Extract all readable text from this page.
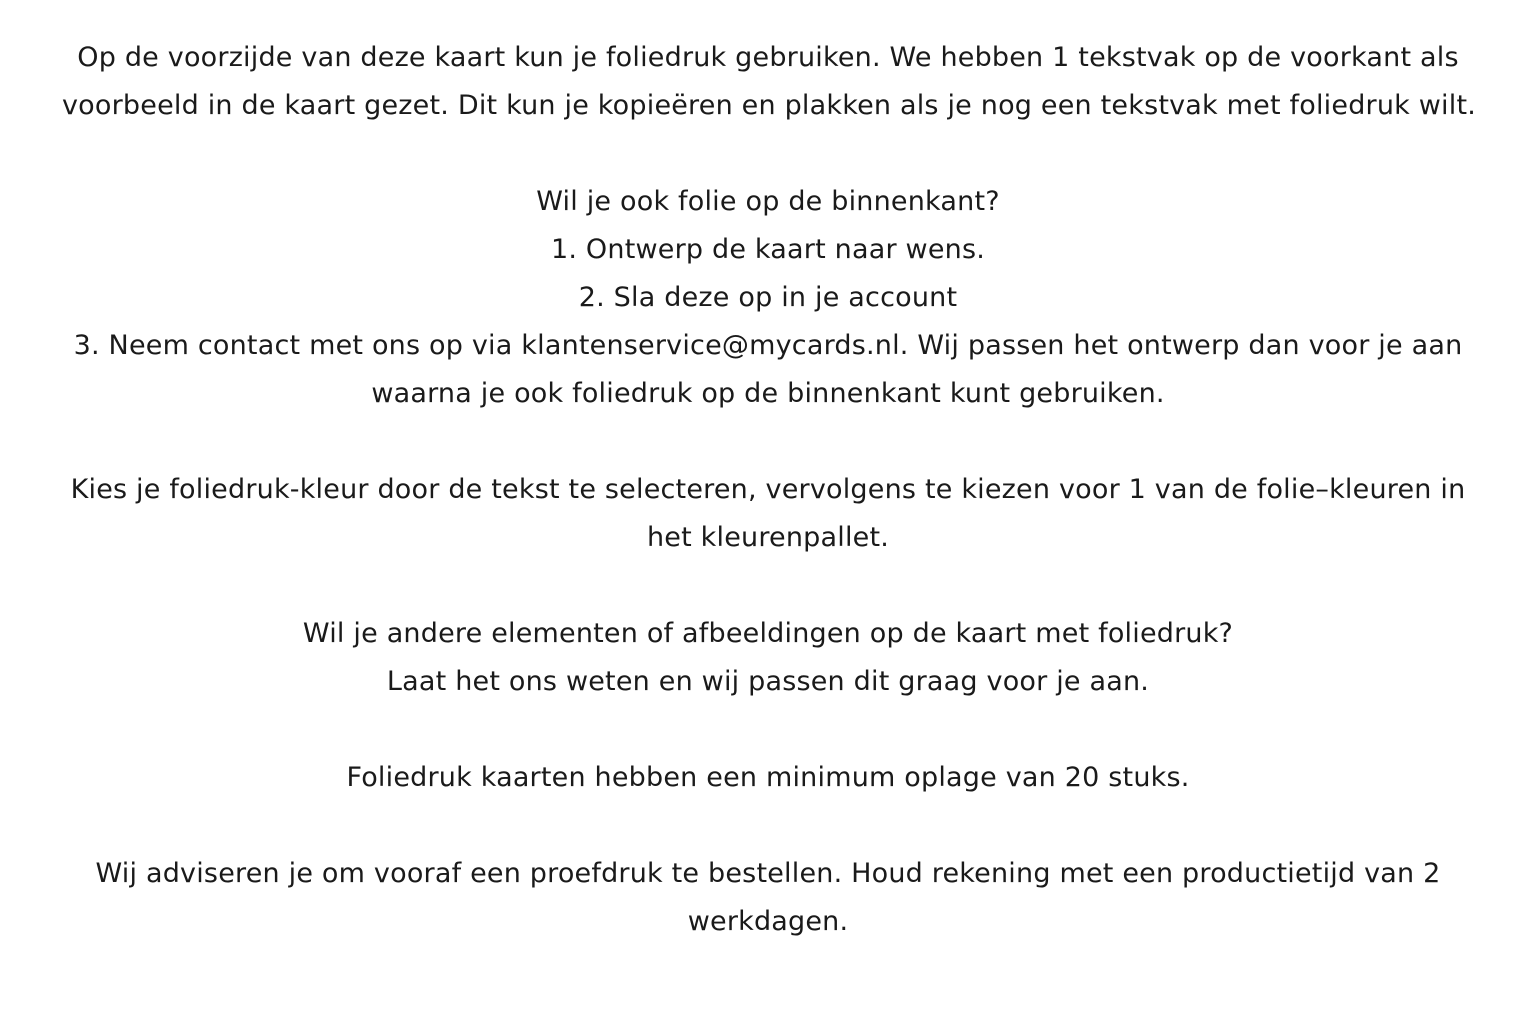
Op de voorzijde van deze kaart kun je foliedruk gebruiken. We hebben 1 tekstvak op de voorkant als
voorbeeld in de kaart gezet. Dit kun je kopieëren en plakken als je nog een tekstvak met foliedruk wilt.
Wil je ook folie op de binnenkant?
1. Ontwerp de kaart naar wens.
2. Sla deze op in je account
3. Neem contact met ons op via klantenservice@mycards.nl. Wij passen het ontwerp dan voor je aan
waarna je ook foliedruk op de binnenkant kunt gebruiken.
Kies je foliedruk-kleur door de tekst te selecteren, vervolgens te kiezen voor 1 van de folie–kleuren in
het kleurenpallet.
Wil je andere elementen of afbeeldingen op de kaart met foliedruk?
Laat het ons weten en wij passen dit graag voor je aan.
Foliedruk kaarten hebben een minimum oplage van 20 stuks.
Wij adviseren je om vooraf een proefdruk te bestellen. Houd rekening met een productietijd van 2
werkdagen.
